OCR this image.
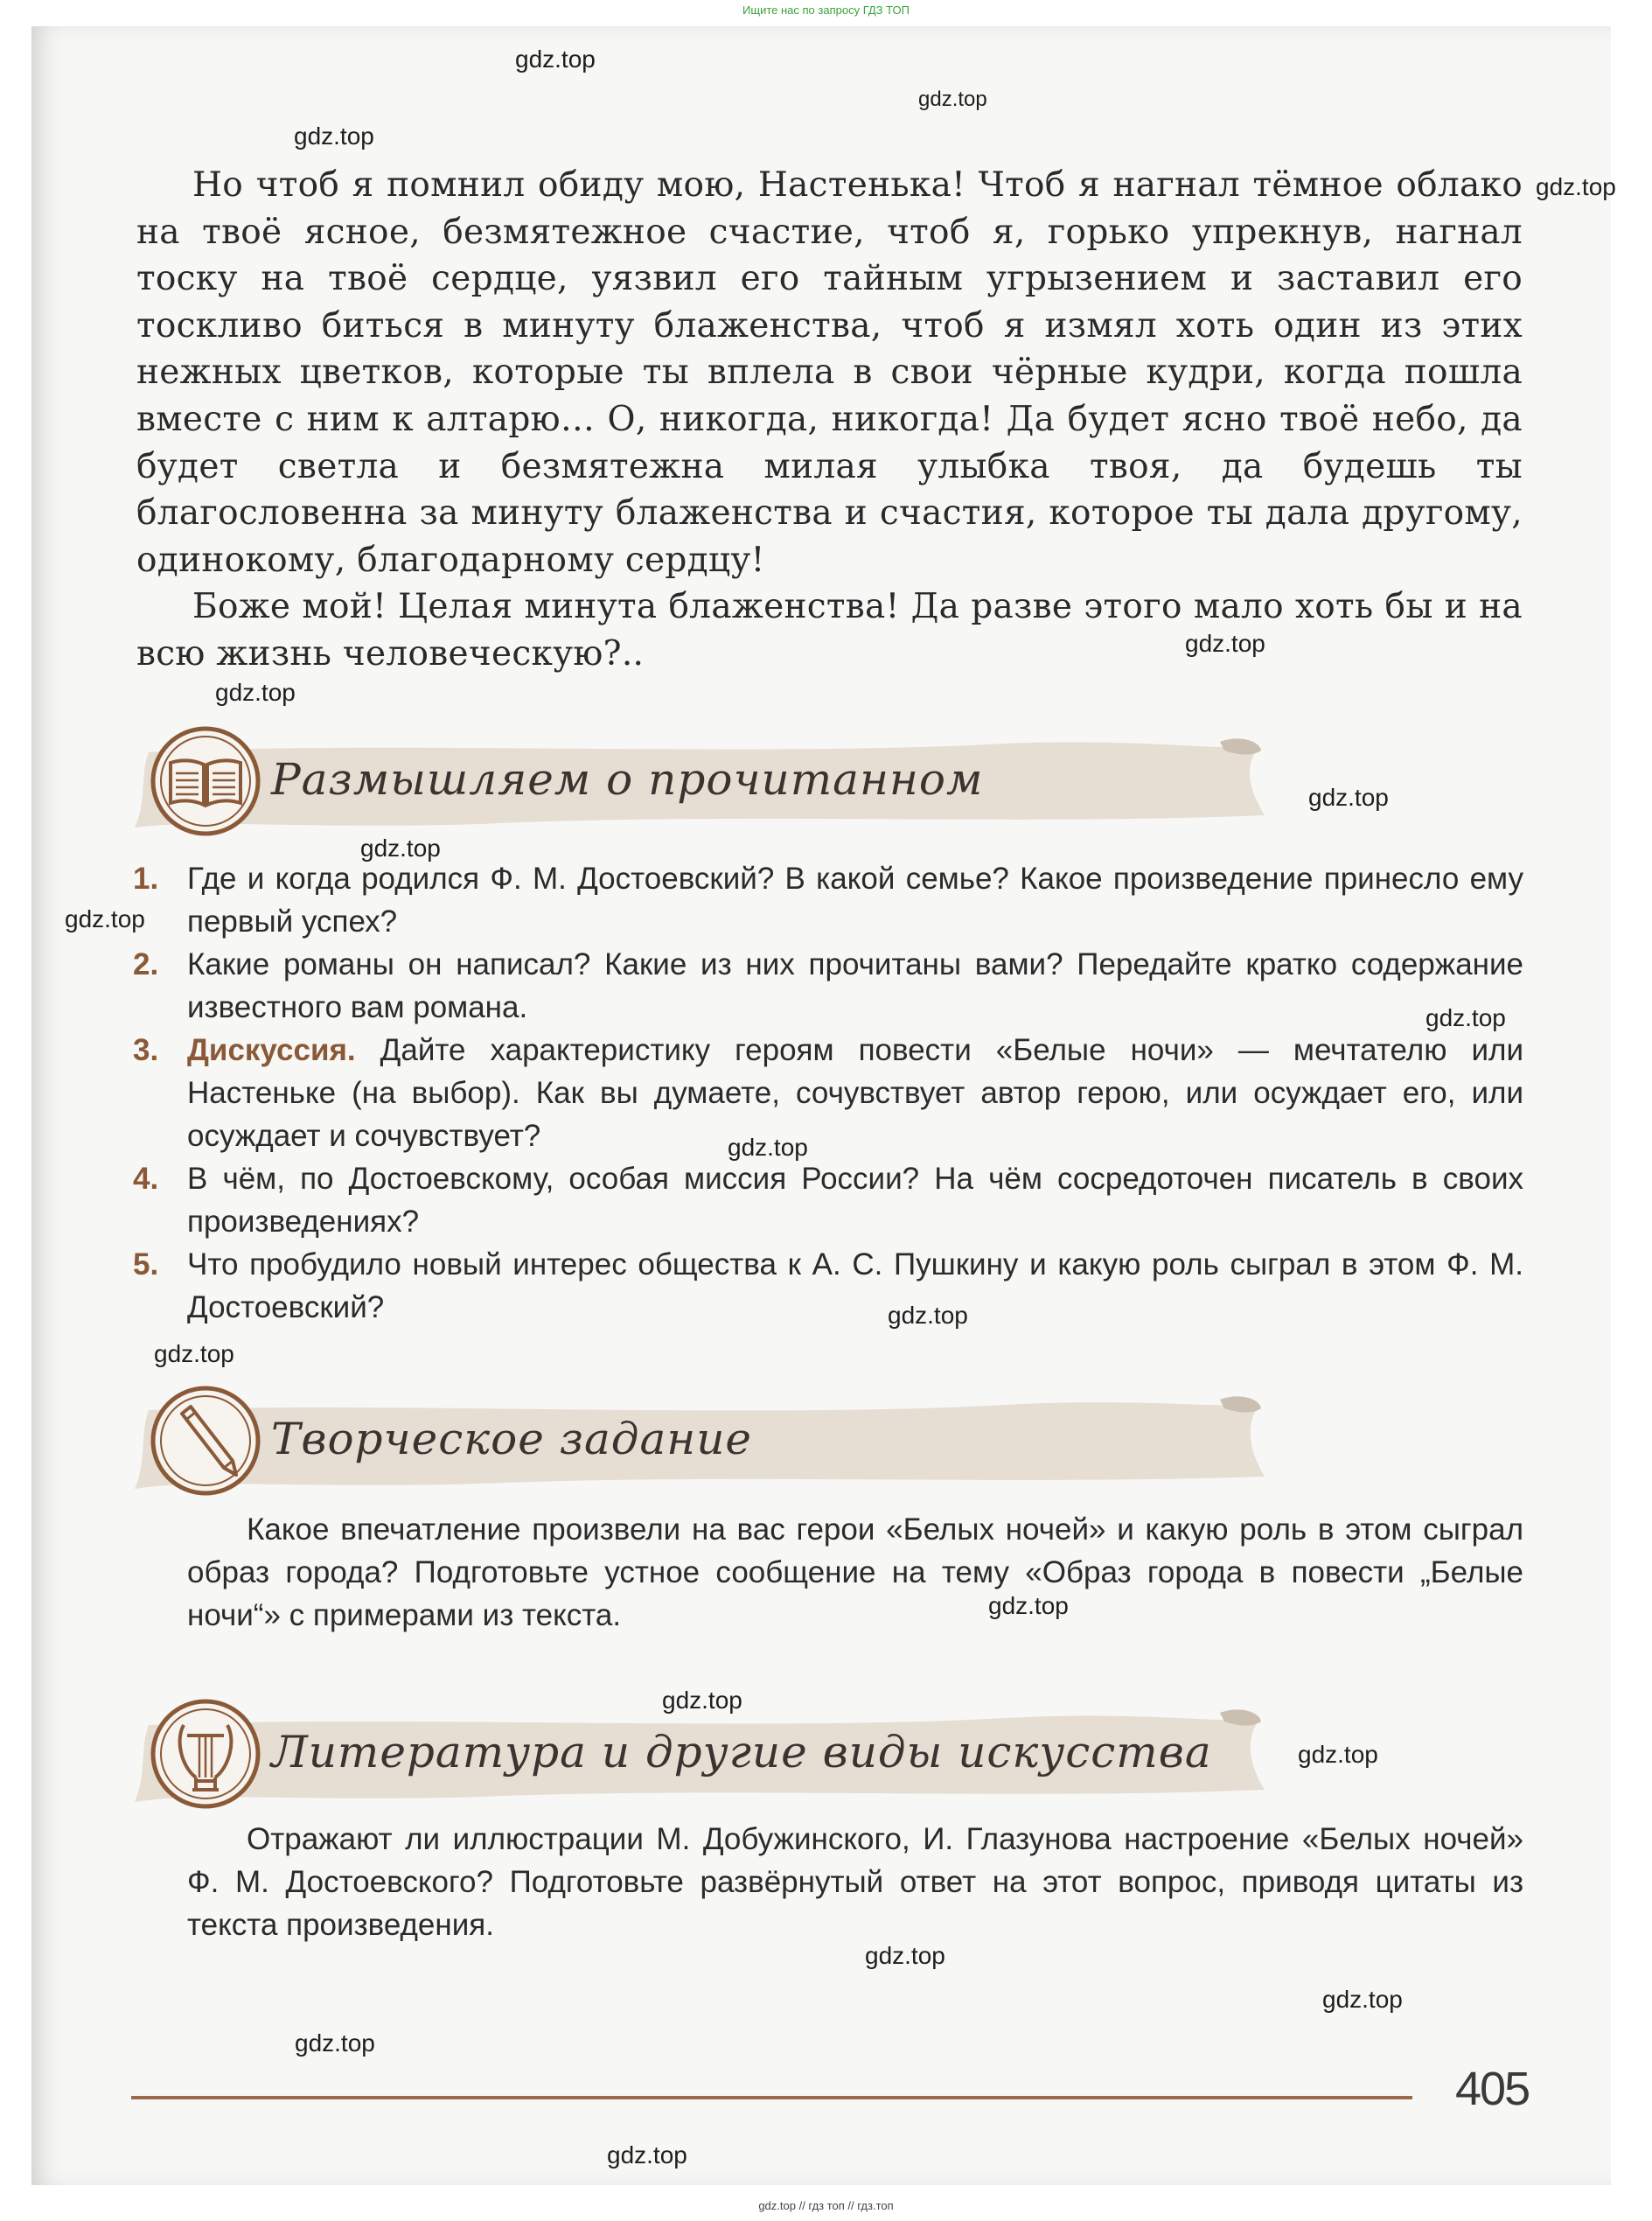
Ищите нас по запросу ГДЗ ТОП
gdz.top
gdz.top
gdz.top
gdz.top
gdz.top
gdz.top
gdz.top
gdz.top
gdz.top
gdz.top
gdz.top
gdz.top
gdz.top
gdz.top
gdz.top
gdz.top
gdz.top
gdz.top
gdz.top
gdz.top

Но чтоб я помнил обиду мою, Настенька! Чтоб я нагнал тёмное облако на твоё ясное, безмятежное счастие, чтоб я, горько упрекнув, нагнал тоску на твоё сердце, уязвил его тайным угрызением и заставил его тоскливо биться в минуту блаженства, чтоб я измял хоть один из этих нежных цветков, которые ты вплела в свои чёрные кудри, когда пошла вместе с ним к алтарю… О, никогда, никогда! Да будет ясно твоё небо, да будет светла и безмятежна милая улыбка твоя, да будешь ты благословенна за минуту блаженства и счастия, которое ты дала другому, одинокому, благодарному сердцу!

Боже мой! Целая минута блаженства! Да разве этого мало хоть бы и на всю жизнь человеческую?..

Размышляем о прочитанном
1. Где и когда родился Ф. М. Достоевский? В какой семье? Какое произведение принесло ему первый успех?
2. Какие романы он написал? Какие из них прочитаны вами? Передайте кратко содержание известного вам романа.
3. Дискуссия. Дайте характеристику героям повести «Белые ночи» — мечтателю или Настеньке (на выбор). Как вы думаете, сочувствует автор герою, или осуждает его, или осуждает и сочувствует?
4. В чём, по Достоевскому, особая миссия России? На чём сосредоточен писатель в своих произведениях?
5. Что пробудило новый интерес общества к А. С. Пушкину и какую роль сыграл в этом Ф. М. Достоевский?
Творческое задание
Какое впечатление произвели на вас герои «Белых ночей» и какую роль в этом сыграл образ города? Подготовьте устное сообщение на тему «Образ города в повести „Белые ночи“» с примерами из текста.
Литература и другие виды искусства
Отражают ли иллюстрации М. Добужинского, И. Глазунова настроение «Белых ночей» Ф. М. Достоевского? Подготовьте развёрнутый ответ на этот вопрос, приводя цитаты из текста произведения.
405
gdz.top // гдз топ // гдз.топ
